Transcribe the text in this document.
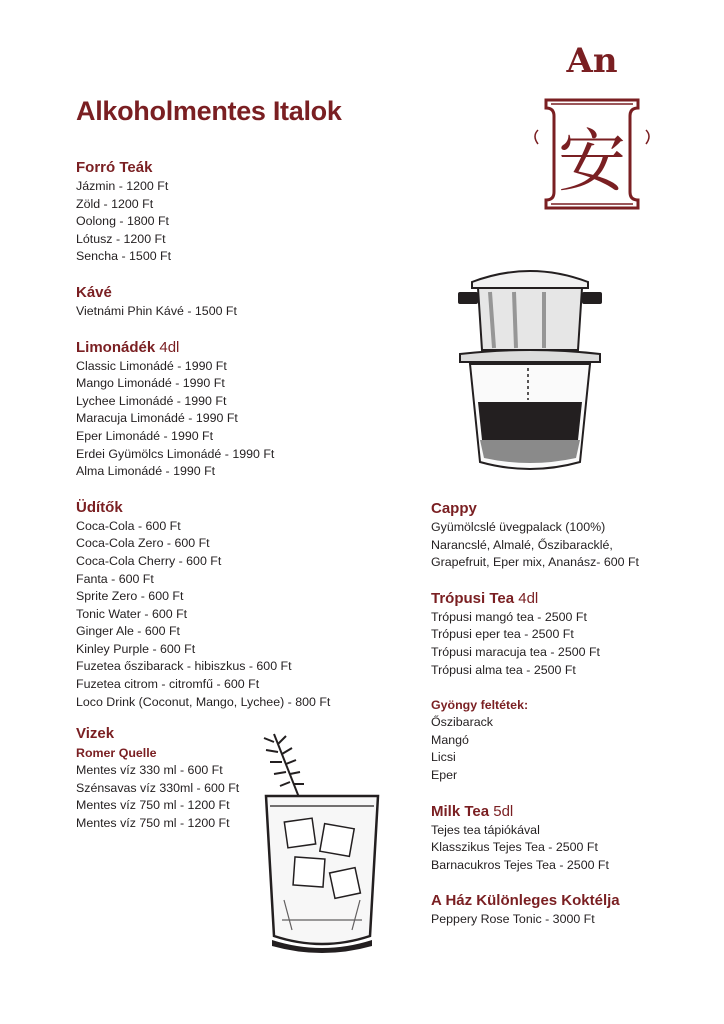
Alkoholmentes Italok
An
安
Forró Teák
Jázmin - 1200 Ft
Zöld - 1200 Ft
Oolong - 1800 Ft
Lótusz - 1200 Ft
Sencha - 1500 Ft
Kávé
Vietnámi Phin Kávé - 1500 Ft
Limonádék 4dl
Classic Limonádé - 1990 Ft
Mango Limonádé - 1990 Ft
Lychee Limonádé - 1990 Ft
Maracuja Limonádé - 1990 Ft
Eper Limonádé - 1990 Ft
Erdei Gyümölcs Limonádé - 1990 Ft
Alma Limonádé - 1990 Ft
Üdítők
Coca-Cola - 600 Ft
Coca-Cola Zero - 600 Ft
Coca-Cola Cherry - 600 Ft
Fanta - 600 Ft
Sprite Zero - 600 Ft
Tonic Water - 600 Ft
Ginger Ale - 600 Ft
Kinley Purple - 600 Ft
Fuzetea őszibarack - hibiszkus - 600 Ft
Fuzetea citrom - citromfű - 600 Ft
Loco Drink (Coconut, Mango, Lychee) - 800 Ft
Vizek
Romer Quelle
Mentes víz 330 ml - 600 Ft
Szénsavas víz 330ml - 600 Ft
Mentes víz 750 ml - 1200 Ft
Mentes víz 750 ml - 1200 Ft
Cappy
Gyümölcslé üvegpalack (100%)
Narancslé, Almalé, Őszibaracklé,
Grapefruit, Eper mix, Ananász- 600 Ft
Trópusi Tea 4dl
Trópusi mangó tea - 2500 Ft
Trópusi eper tea - 2500 Ft
Trópusi maracuja tea - 2500 Ft
Trópusi alma tea - 2500 Ft
Gyöngy feltétek:
Őszibarack
Mangó
Licsi
Eper
Milk Tea 5dl
Tejes tea tápiókával
Klasszikus Tejes Tea - 2500 Ft
Barnacukros Tejes Tea - 2500 Ft
A Ház Különleges Koktélja
Peppery Rose Tonic - 3000 Ft
